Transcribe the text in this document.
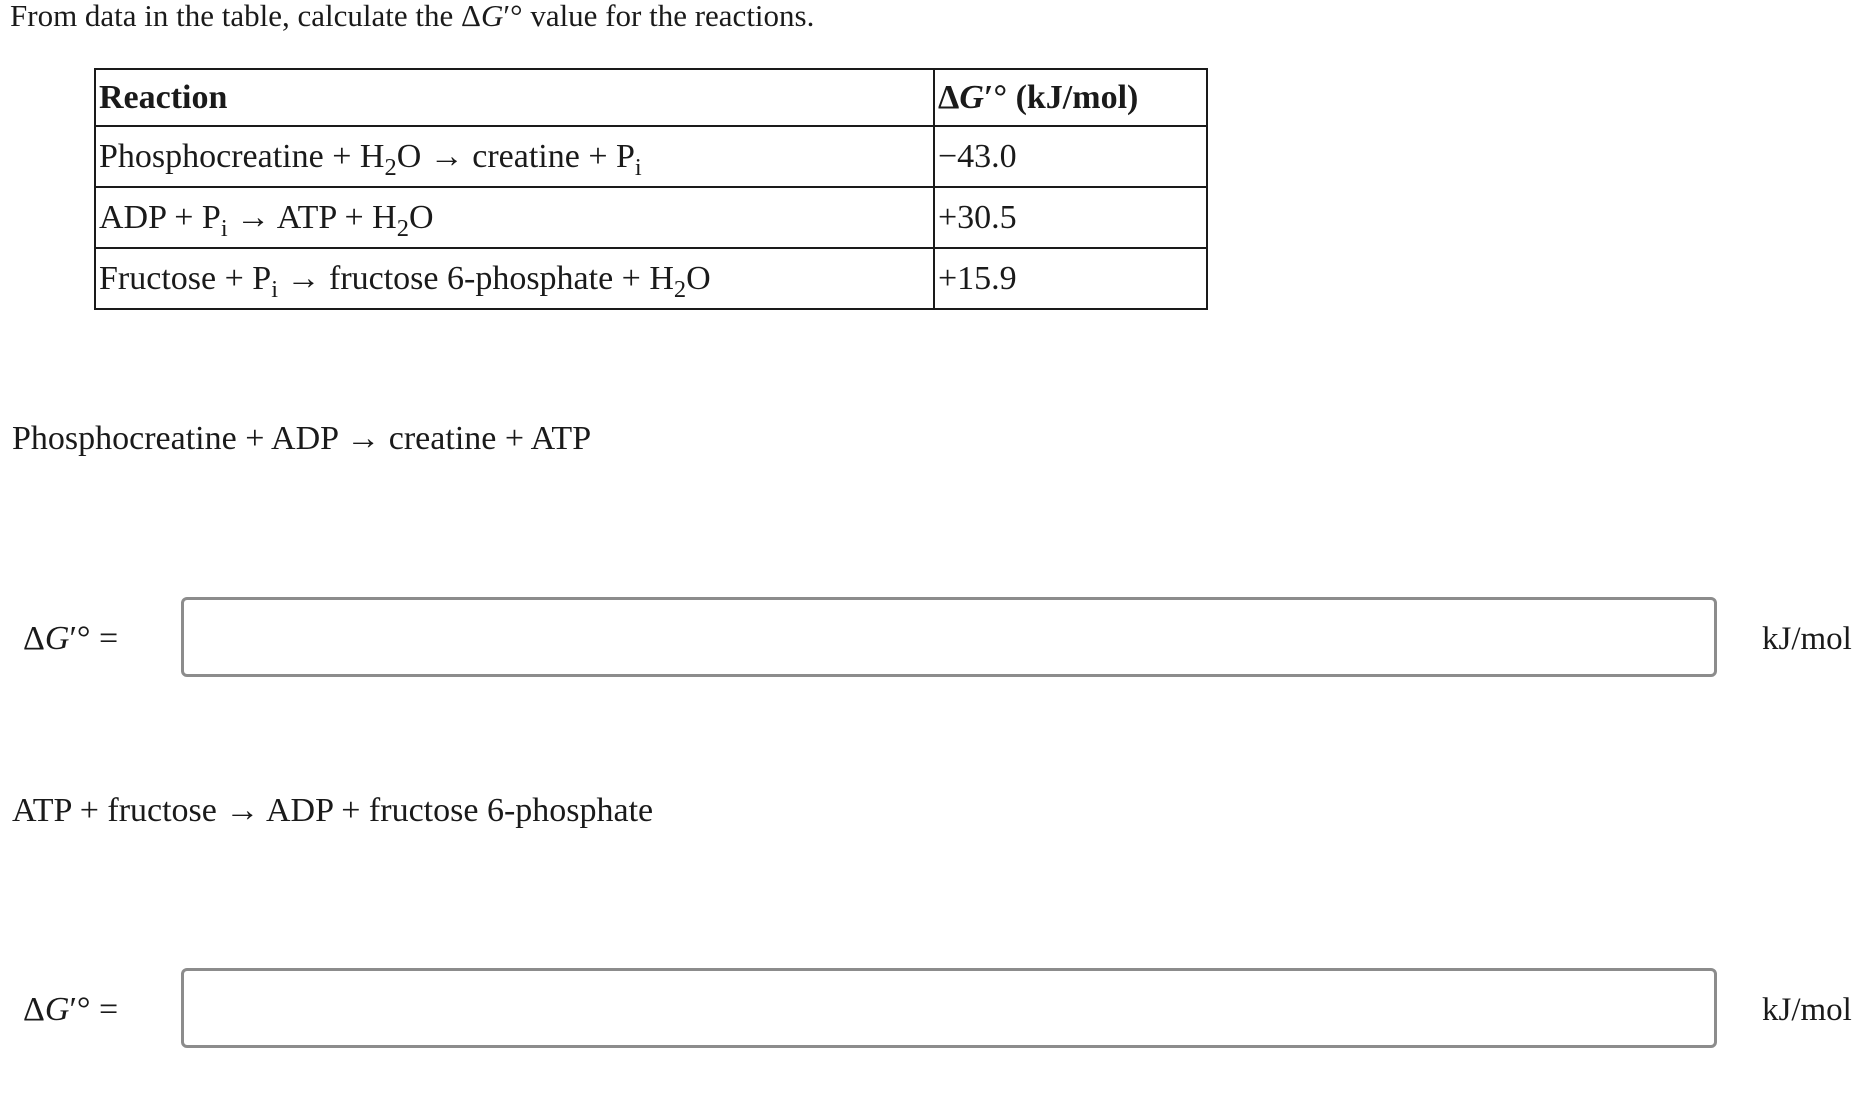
From data in the table, calculate the ΔG′° value for the reactions.
Reaction	ΔG′° (kJ/mol)
Phosphocreatine + $H_2O$ → creatine + $P_i$	−43.0
ADP + $P_i$ → ATP + $H_2O$	+30.5
Fructose + $P_i$ → fructose 6-phosphate + $H_2O$	+15.9
Phosphocreatine + ADP → creatine + ATP
ΔG′° =	kJ/mol
ATP + fructose → ADP + fructose 6-phosphate
ΔG′° =	kJ/mol
